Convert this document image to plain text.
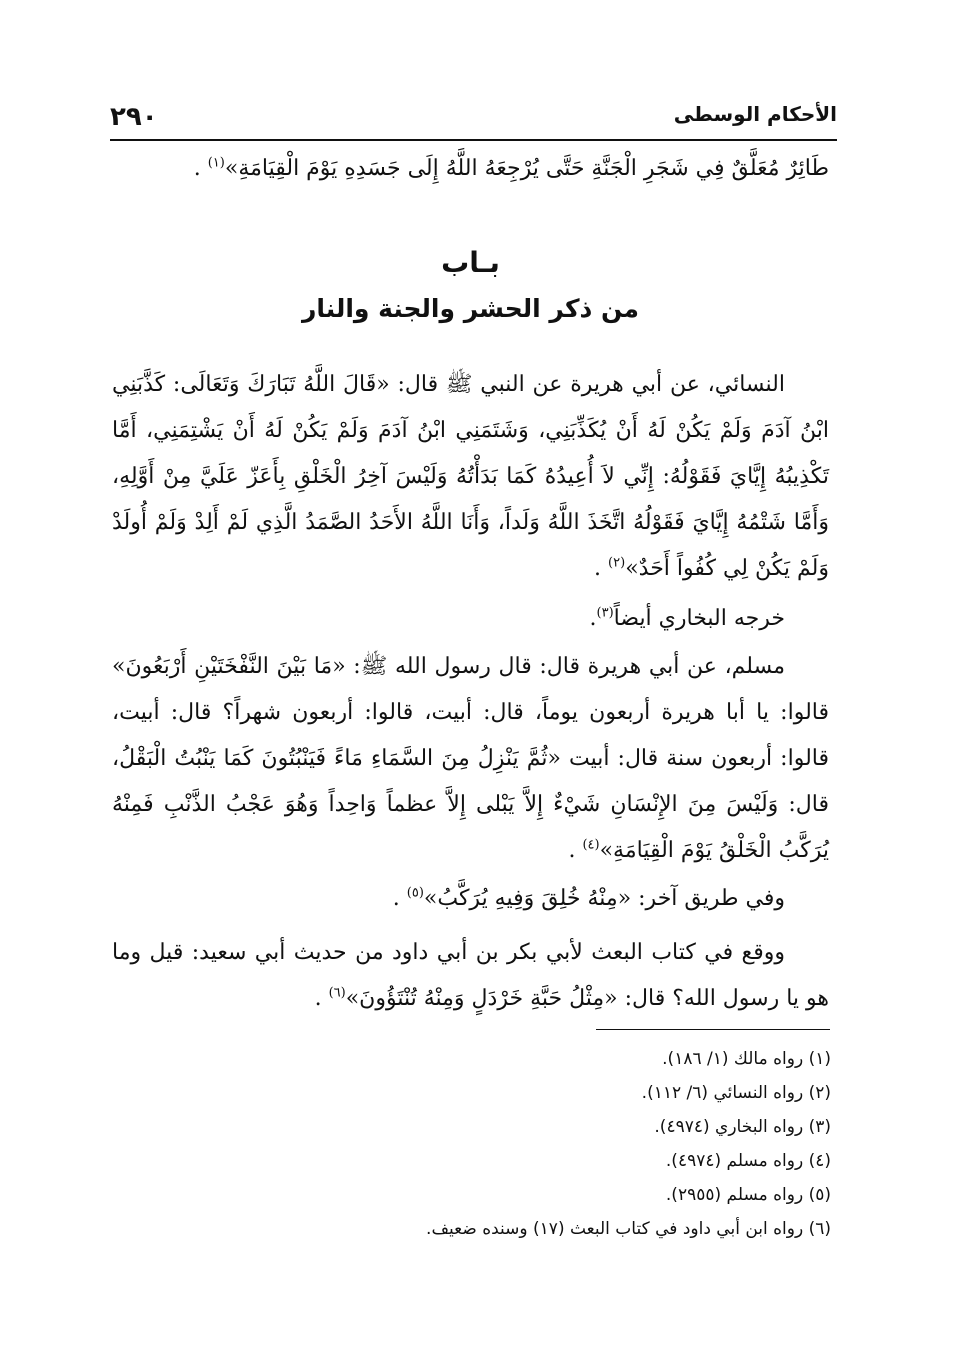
٢٩٠	الأحكام الوسطى
طَائِرٌ مُعَلَّقٌ فِي شَجَرِ الْجَنَّةِ حَتَّى يُرْجِعَهُ اللَّهُ إِلَى جَسَدِهِ يَوْمَ الْقِيَامَةِ»$^{(١)}$ .
بـاب
من ذكر الحشر والجنة والنار
النسائي، عن أبي هريرة عن النبي ﷺ قال: «قَالَ اللَّهُ تَبَارَكَ وَتَعَالَى: كَذَّبَنِي ابْنُ آدَمَ وَلَمْ يَكُنْ لَهُ أَنْ يُكَذِّبَنِي، وَشَتَمَنِي ابْنُ آدَمَ وَلَمْ يَكُنْ لَهُ أَنْ يَشْتِمَنِي، أَمَّا تَكْذِيبُهُ إِيَّايَ فَقَوْلُهُ: إِنِّي لاَ أُعِيدُهُ كَمَا بَدَأْتُهُ وَلَيْسَ آخِرُ الْخَلْقِ بِأَعَزّ عَلَيَّ مِنْ أَوَّلِهِ، وَأَمَّا شَتْمُهُ إِيَّايَ فَقَوْلُهُ اتَّخَذَ اللَّهُ وَلَداً، وَأَنَا اللَّهُ الأَحَدُ الصَّمَدُ الَّذِي لَمْ أَلِدْ وَلَمْ أُولَدْ وَلَمْ يَكُنْ لِي كُفُواً أَحَدٌ»$^{(٢)}$ .
خرجه البخاري أيضاً$^{(٣)}$.
مسلم، عن أبي هريرة قال: قال رسول الله ﷺ: «مَا بَيْنَ النَّفْخَتَيْنِ أَرْبَعُونَ» قالوا: يا أبا هريرة أربعون يوماً، قال: أبيت، قالوا: أربعون شهراً؟ قال: أبيت، قالوا: أربعون سنة قال: أبيت «ثُمَّ يَنْزِلُ مِنَ السَّمَاءِ مَاءً فَيَنْبُتُونَ كَمَا يَنْبُتُ الْبَقْلُ، قال: وَلَيْسَ مِنَ الإِنْسَانِ شَيْءٌ إِلاَّ يَبْلى إِلاَّ عظماً وَاحِداً وَهُوَ عَجْبُ الذَّنْبِ فَمِنْهُ يُرَكَّبُ الْخَلْقُ يَوْمَ الْقِيَامَةِ»$^{(٤)}$ .
وفي طريق آخر: «مِنْهُ خُلِقَ وَفِيهِ يُرَكَّبُ»$^{(٥)}$ .
ووقع في كتاب البعث لأبي بكر بن أبي داود من حديث أبي سعيد: قيل وما هو يا رسول الله؟ قال: «مِثْلُ حَبَّةِ خَرْدَلٍ وَمِنْهُ تُنْتَؤُونَ»$^{(٦)}$ .
(١) رواه مالك (١/ ١٨٦).
(٢) رواه النسائي (٦/ ١١٢).
(٣) رواه البخاري (٤٩٧٤).
(٤) رواه مسلم (٤٩٧٤).
(٥) رواه مسلم (٢٩٥٥).
(٦) رواه ابن أبي داود في كتاب البعث (١٧) وسنده ضعيف.
